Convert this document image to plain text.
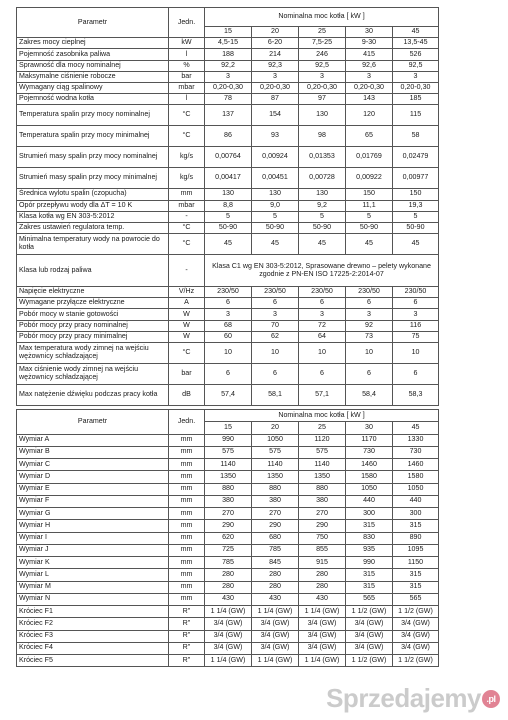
Parametr	Jedn.	Nominalna moc kotła [ kW ]				
		15	20	25	30	45
Zakres mocy cieplnej	kW	4,5-15	6-20	7,5-25	9-30	13,5-45
Pojemność zasobnika paliwa	l	188	214	246	415	526
Sprawność dla mocy nominalnej	%	92,2	92,3	92,5	92,6	92,5
Maksymalne ciśnienie robocze	bar	3	3	3	3	3
Wymagany ciąg spalinowy	mbar	0,20-0,30	0,20-0,30	0,20-0,30	0,20-0,30	0,20-0,30
Pojemność wodna kotła	l	78	87	97	143	185
Temperatura spalin przy mocy nominalnej	°C	137	154	130	120	115
Temperatura spalin przy mocy minimalnej	°C	86	93	98	65	58
Strumień masy spalin przy mocy nominalnej	kg/s	0,00764	0,00924	0,01353	0,01769	0,02479
Strumień masy spalin przy mocy minimalnej	kg/s	0,00417	0,00451	0,00728	0,00922	0,00977
Średnica wylotu spalin (czopucha)	mm	130	130	130	150	150
Opór przepływu wody dla ΔT = 10 K	mbar	8,8	9,0	9,2	11,1	19,3
Klasa kotła wg EN 303-5:2012	-	5	5	5	5	5
Zakres ustawień regulatora temp.	°C	50-90	50-90	50-90	50-90	50-90
Minimalna temperatury wody na powrocie do kotła	°C	45	45	45	45	45
Klasa lub rodzaj paliwa	-	Klasa C1 wg EN 303-5:2012, Sprasowane drewno – pelety wykonane zgodnie z PN-EN ISO 17225-2:2014-07				
Napięcie elektryczne	V/Hz	230/50	230/50	230/50	230/50	230/50
Wymagane przyłącze elektryczne	A	6	6	6	6	6
Pobór mocy w stanie gotowości	W	3	3	3	3	3
Pobór mocy przy pracy nominalnej	W	68	70	72	92	116
Pobór mocy przy pracy minimalnej	W	60	62	64	73	75
Max temperatura wody zimnej na wejściu wężownicy schładzającej	°C	10	10	10	10	10
Max ciśnienie wody zimnej na wejściu wężownicy schładzającej	bar	6	6	6	6	6
Max natężenie dźwięku podczas pracy kotła	dB	57,4	58,1	57,1	58,4	58,3
Parametr	Jedn.	Nominalna moc kotła [ kW ]				
		15	20	25	30	45
Wymiar A	mm	990	1050	1120	1170	1330
Wymiar B	mm	575	575	575	730	730
Wymiar C	mm	1140	1140	1140	1460	1460
Wymiar D	mm	1350	1350	1350	1580	1580
Wymiar E	mm	880	880	880	1050	1050
Wymiar F	mm	380	380	380	440	440
Wymiar G	mm	270	270	270	300	300
Wymiar H	mm	290	290	290	315	315
Wymiar I	mm	620	680	750	830	890
Wymiar J	mm	725	785	855	935	1095
Wymiar K	mm	785	845	915	990	1150
Wymiar L	mm	280	280	280	315	315
Wymiar M	mm	280	280	280	315	315
Wymiar N	mm	430	430	430	565	565
Króciec F1	R"	1 1/4 (GW)	1 1/4 (GW)	1 1/4 (GW)	1 1/2 (GW)	1 1/2 (GW)
Króciec F2	R"	3/4 (GW)	3/4 (GW)	3/4 (GW)	3/4 (GW)	3/4 (GW)
Króciec F3	R"	3/4 (GW)	3/4 (GW)	3/4 (GW)	3/4 (GW)	3/4 (GW)
Króciec F4	R"	3/4 (GW)	3/4 (GW)	3/4 (GW)	3/4 (GW)	3/4 (GW)
Króciec F5	R"	1 1/4 (GW)	1 1/4 (GW)	1 1/4 (GW)	1 1/2 (GW)	1 1/2 (GW)
Sprzedajemy .pl
